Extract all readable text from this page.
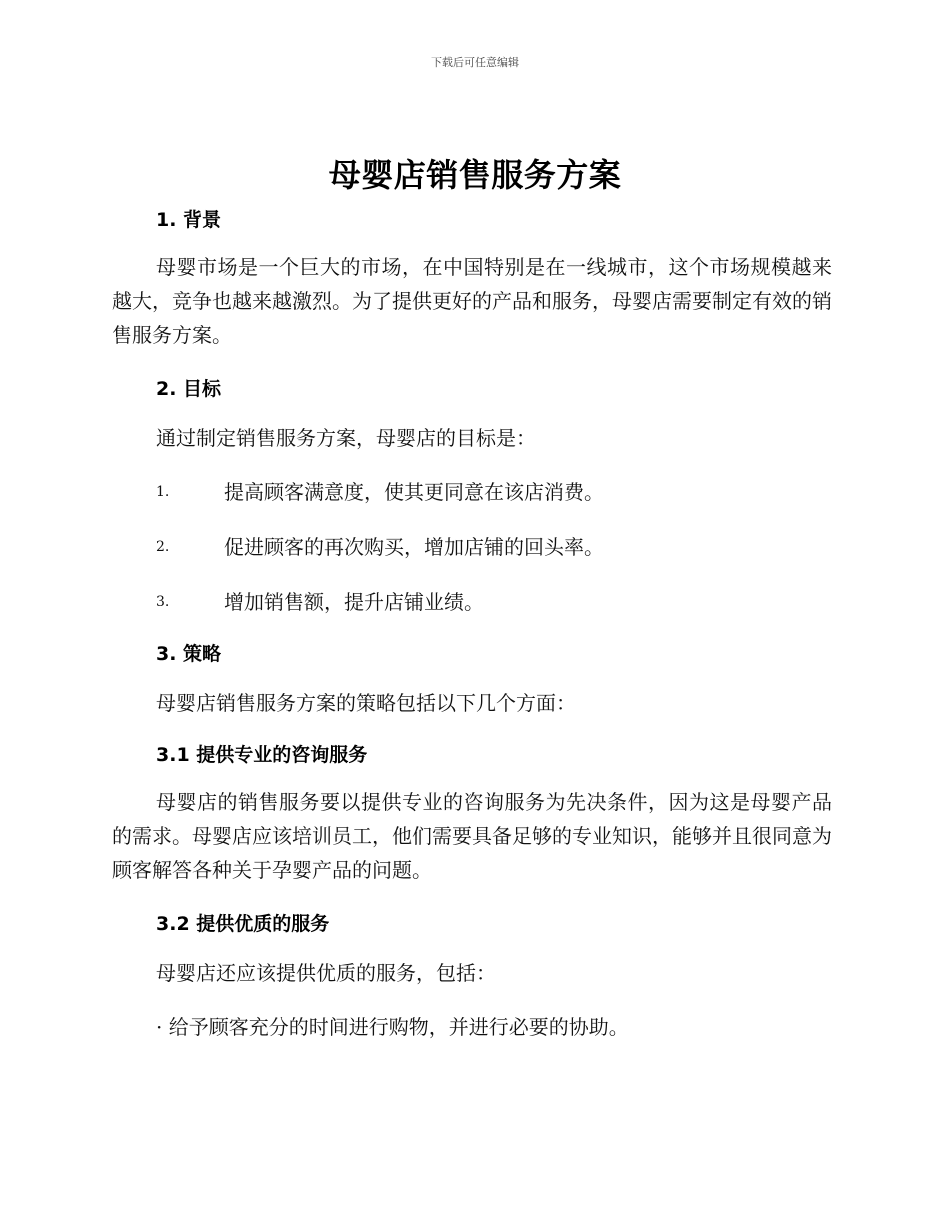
下载后可任意编辑
母婴店销售服务方案
1. 背景

母婴市场是一个巨大的市场，在中国特别是在一线城市，这个市场规模越来越大，竞争也越来越激烈。为了提供更好的产品和服务，母婴店需要制定有效的销售服务方案。

2. 目标

通过制定销售服务方案，母婴店的目标是：

1.	提高顾客满意度，使其更同意在该店消费。
2.	促进顾客的再次购买，增加店铺的回头率。
3.	增加销售额，提升店铺业绩。
3. 策略

母婴店销售服务方案的策略包括以下几个方面：

3.1 提供专业的咨询服务

母婴店的销售服务要以提供专业的咨询服务为先决条件，因为这是母婴产品的需求。母婴店应该培训员工，他们需要具备足够的专业知识，能够并且很同意为顾客解答各种关于孕婴产品的问题。

3.2 提供优质的服务

母婴店还应该提供优质的服务，包括：

· 给予顾客充分的时间进行购物，并进行必要的协助。
